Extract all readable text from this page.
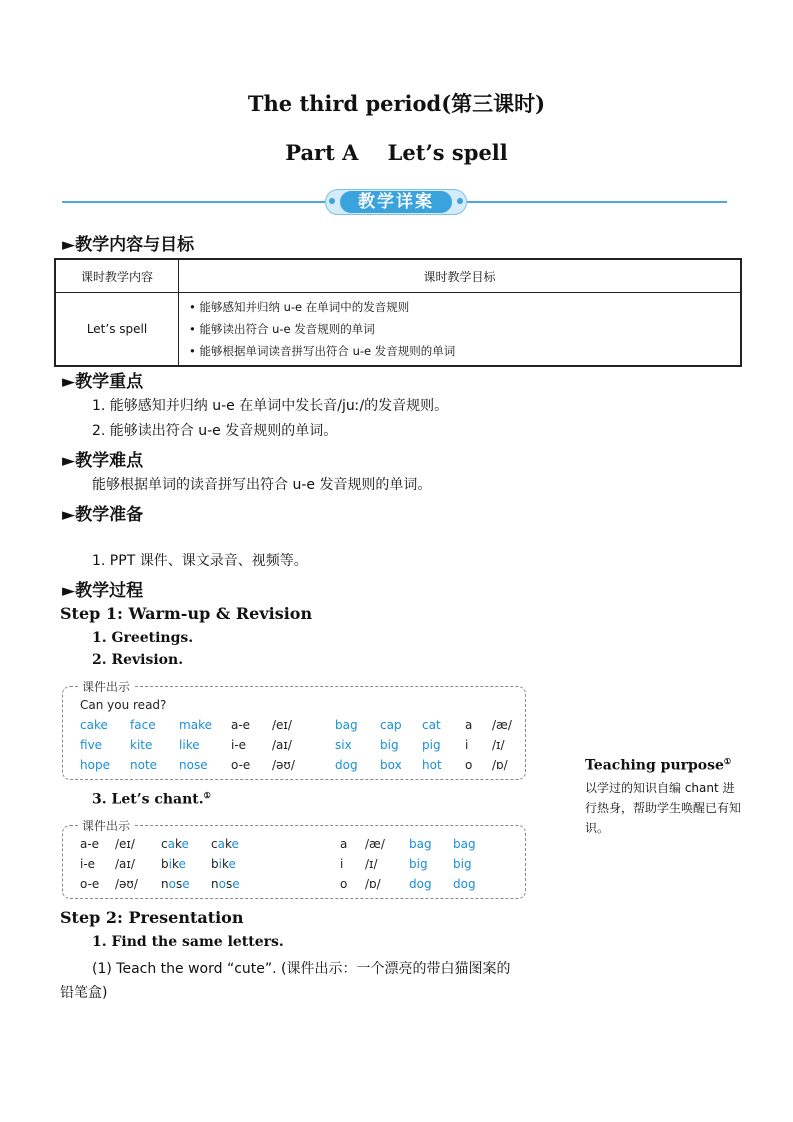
The third period(第三课时)
Part A    Let’s spell
教学详案
►教学内容与目标
课时教学内容	课时教学目标
Let’s spell	• 能够感知并归纳 u-e 在单词中的发音规则
• 能够读出符合 u-e 发音规则的单词
• 能够根据单词读音拼写出符合 u-e 发音规则的单词
►教学重点
1. 能够感知并归纳 u-e 在单词中发长音/juː/的发音规则。
2. 能够读出符合 u-e 发音规则的单词。
►教学难点
能够根据单词的读音拼写出符合 u-e 发音规则的单词。
►教学准备
1. PPT 课件、课文录音、视频等。
►教学过程
Step 1: Warm-up & Revision
1. Greetings.
2. Revision.
课件出示
Can you read?
cake face make a-e /eɪ/	bag cap cat a /æ/
fve kite like	i-e /aɪ/	six big pig i /ɪ/
hope note nose o-e /əʊ/	dog box hot o /ɒ/
3. Let’s chant.①
课件出示
a-e /eɪ/ cake cake	a /æ/ bag bag
i-e /aɪ/ bike bike	i /ɪ/	big big
o-e /əʊ/ nose nose	o /ɒ/ dog dog
Step 2: Presentation
1. Find the same letters.
(1) Teach the word “cute”. (课件出示：一个漂亮的带白猫图案的
铅笔盒)
Teaching purpose①
以学过的知识自编 chant 进行热身，帮助学生唤醒已有知识。
